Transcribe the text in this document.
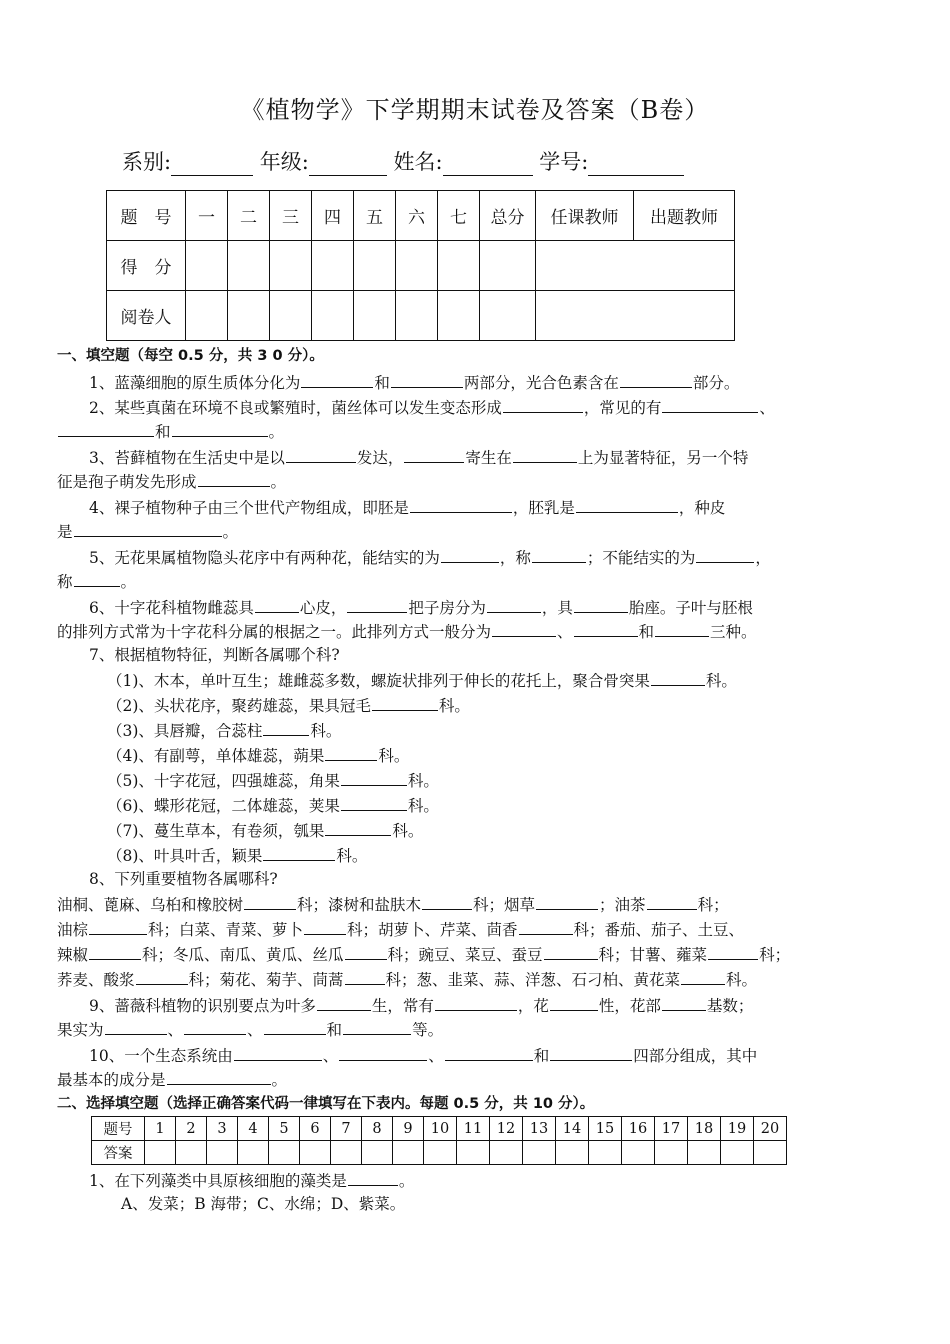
《植物学》下学期期末试卷及答案（B卷）
系别:	年级:	姓名:	学号:
题　号	一	二	三	四	五	六	七	总分	任课教师	出题教师
得　分										
阅卷人										
一、填空题（每空 0.5 分，共 3 0 分）。
1、蓝藻细胞的原生质体分化为	和	两部分，光合色素含在	部分。
2、某些真菌在环境不良或繁殖时，菌丝体可以发生变态形成	，常见的有	、
和	。
3、苔藓植物在生活史中是以	发达，	寄生在	上为显著特征，另一个特
征是孢子萌发先形成	。
4、裸子植物种子由三个世代产物组成，即胚是	，胚乳是	，种皮
是	。
5、无花果属植物隐头花序中有两种花，能结实的为	，称	；不能结实的为	，
称	。
6、十字花科植物雌蕊具	心皮，	把子房分为	，具	胎座。子叶与胚根
的排列方式常为十字花科分属的根据之一。此排列方式一般分为	、	和	三种。
7、根据植物特征，判断各属哪个科?
（1)、木本，单叶互生；雄雌蕊多数，螺旋状排列于伸长的花托上，聚合骨突果	科。
（2)、头状花序，聚药雄蕊，果具冠毛	科。
（3)、具唇瓣，合蕊柱	科。
（4)、有副萼，单体雄蕊，蒴果	科。
（5)、十字花冠，四强雄蕊，角果	科。
（6)、蝶形花冠，二体雄蕊，荚果	科。
（7)、蔓生草本，有卷须，瓠果	科。
（8)、叶具叶舌，颖果	科。
8、下列重要植物各属哪科?
油桐、蓖麻、乌桕和橡胶树	科；漆树和盐肤木	科；烟草	；油茶	科；
油棕	科；白菜、青菜、萝卜	科；胡萝卜、芹菜、茴香	科；番茄、茄子、土豆、
辣椒	科；冬瓜、南瓜、黄瓜、丝瓜	科；豌豆、菜豆、蚕豆	科；甘薯、蕹菜	科；
荞麦、酸浆	科；菊花、菊芋、茼蒿	科；葱、韭菜、蒜、洋葱、石刁柏、黄花菜	科。
9、蔷薇科植物的识别要点为叶多	生，常有	，花	性，花部	基数；
果实为	、	、	和	等。
10、一个生态系统由	、	、	和	四部分组成，其中
最基本的成分是	。
二、选择填空题（选择正确答案代码一律填写在下表内。每题 0.5 分，共 10 分）。
题号	1	2	3	4	5	6	7	8	9	10	11	12	13	14	15	16	17	18	19	20
答案																				
1、在下列藻类中具原核细胞的藻类是	。
A、发菜；B 海带；C、水绵；D、紫菜。
